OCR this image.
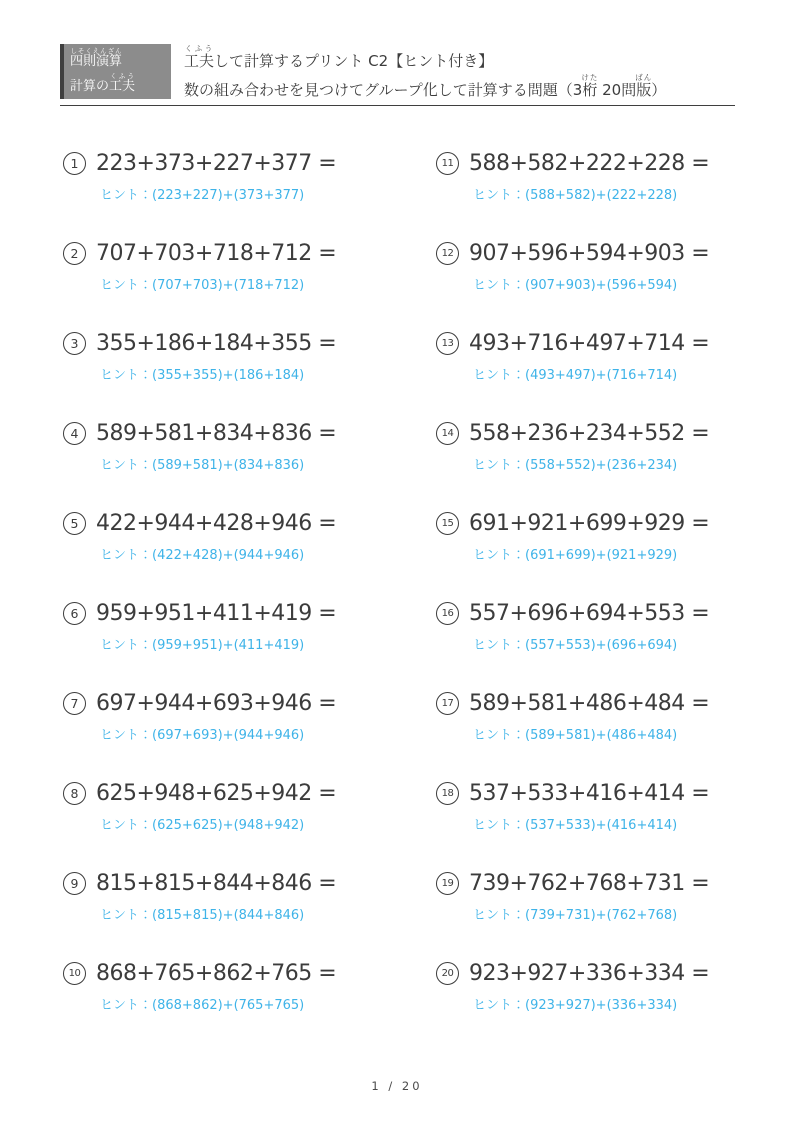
四則演算しそくえんざん
計算の工夫くふう
工夫くふうして計算するプリント C2【ヒント付き】
数の組み合わせを見つけてグループ化して計算する問題（3桁けた 20問版ばん）
1 223+373+227+377 =
ヒント：(223+227)+(373+377)
2 707+703+718+712 =
ヒント：(707+703)+(718+712)
3 355+186+184+355 =
ヒント：(355+355)+(186+184)
4 589+581+834+836 =
ヒント：(589+581)+(834+836)
5 422+944+428+946 =
ヒント：(422+428)+(944+946)
6 959+951+411+419 =
ヒント：(959+951)+(411+419)
7 697+944+693+946 =
ヒント：(697+693)+(944+946)
8 625+948+625+942 =
ヒント：(625+625)+(948+942)
9 815+815+844+846 =
ヒント：(815+815)+(844+846)
10 868+765+862+765 =
ヒント：(868+862)+(765+765)
11 588+582+222+228 =
ヒント：(588+582)+(222+228)
12 907+596+594+903 =
ヒント：(907+903)+(596+594)
13 493+716+497+714 =
ヒント：(493+497)+(716+714)
14 558+236+234+552 =
ヒント：(558+552)+(236+234)
15 691+921+699+929 =
ヒント：(691+699)+(921+929)
16 557+696+694+553 =
ヒント：(557+553)+(696+694)
17 589+581+486+484 =
ヒント：(589+581)+(486+484)
18 537+533+416+414 =
ヒント：(537+533)+(416+414)
19 739+762+768+731 =
ヒント：(739+731)+(762+768)
20 923+927+336+334 =
ヒント：(923+927)+(336+334)
1 / 20
